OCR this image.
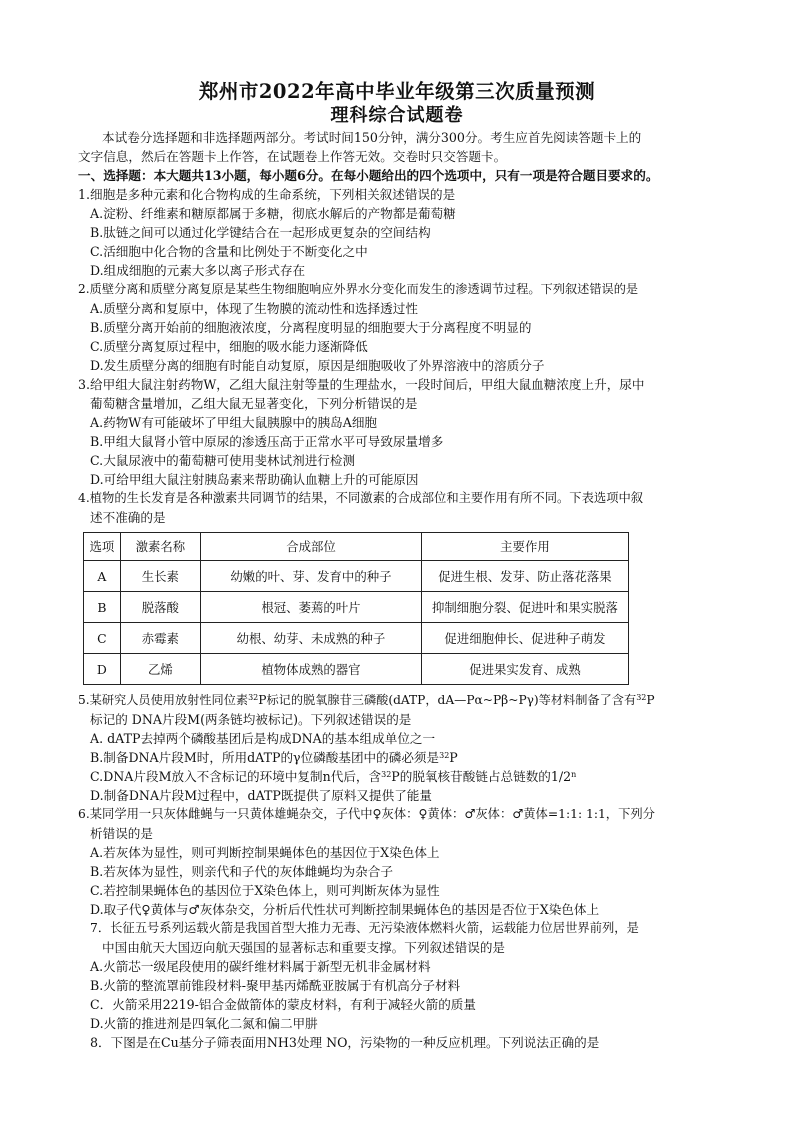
郑州市2022年高中毕业年级第三次质量预测
理科综合试题卷

本试卷分选择题和非选择题两部分。考试时间150分钟，满分300分。考生应首先阅读答题卡上的

文字信息，然后在答题卡上作答，在试题卷上作答无效。交卷时只交答题卡。

一、选择题：本大题共13小题，每小题6分。在每小题给出的四个选项中，只有一项是符合题目要求的。

1.细胞是多种元素和化合物构成的生命系统，下列相关叙述错误的是

A.淀粉、纤维素和糖原都属于多糖，彻底水解后的产物都是葡萄糖

B.肽链之间可以通过化学键结合在一起形成更复杂的空间结构

C.活细胞中化合物的含量和比例处于不断变化之中

D.组成细胞的元素大多以离子形式存在

2.质壁分离和质壁分离复原是某些生物细胞响应外界水分变化而发生的渗透调节过程。下列叙述错误的是

A.质壁分离和复原中，体现了生物膜的流动性和选择透过性

B.质壁分离开始前的细胞液浓度，分离程度明显的细胞要大于分离程度不明显的

C.质壁分离复原过程中，细胞的吸水能力逐渐降低

D.发生质壁分离的细胞有时能自动复原，原因是细胞吸收了外界溶液中的溶质分子

3.给甲组大鼠注射药物W，乙组大鼠注射等量的生理盐水，一段时间后，甲组大鼠血糖浓度上升，尿中

葡萄糖含量增加，乙组大鼠无显著变化，下列分析错误的是

A.药物W有可能破坏了甲组大鼠胰腺中的胰岛A细胞

B.甲组大鼠肾小管中原尿的渗透压高于正常水平可导致尿量增多

C.大鼠尿液中的葡萄糖可使用斐林试剂进行检测

D.可给甲组大鼠注射胰岛素来帮助确认血糖上升的可能原因

4.植物的生长发育是各种激素共同调节的结果，不同激素的合成部位和主要作用有所不同。下表选项中叙

述不准确的是

选项	激素名称	合成部位	主要作用
A	生长素	幼嫩的叶、芽、发育中的种子	促进生根、发芽、防止落花落果
B	脱落酸	根冠、萎蔫的叶片	抑制细胞分裂、促进叶和果实脱落
C	赤霉素	幼根、幼芽、未成熟的种子	促进细胞伸长、促进种子萌发
D	乙烯	植物体成熟的器官	促进果实发育、成熟

5.某研究人员使用放射性同位素$^{32}$P标记的脱氧腺苷三磷酸(dATP，dA—Pα~Pβ~Pγ)等材料制备了含有$^{32}$P

标记的 DNA片段M(两条链均被标记)。下列叙述错误的是

A. dATP去掉两个磷酸基团后是构成DNA的基本组成单位之一

B.制备DNA片段M时，所用dATP的γ位磷酸基团中的磷必须是$^{32}$P

C.DNA片段M放入不含标记的环境中复制n代后，含$^{32}$P的脱氧核苷酸链占总链数的1/2$^n$

D.制备DNA片段M过程中，dATP既提供了原料又提供了能量

6.某同学用一只灰体雌蝇与一只黄体雄蝇杂交，子代中♀灰体：♀黄体：♂灰体：♂黄体=1:1: 1:1，下列分

析错误的是

A.若灰体为显性，则可判断控制果蝇体色的基因位于X染色体上

B.若灰体为显性，则亲代和子代的灰体雌蝇均为杂合子

C.若控制果蝇体色的基因位于X染色体上，则可判断灰体为显性

D.取子代♀黄体与♂灰体杂交，分析后代性状可判断控制果蝇体色的基因是否位于X染色体上

7．长征五号系列运载火箭是我国首型大推力无毒、无污染液体燃料火箭，运载能力位居世界前列，是

中国由航天大国迈向航天强国的显著标志和重要支撑。下列叙述错误的是

A.火箭芯一级尾段使用的碳纤维材料属于新型无机非金属材料

B.火箭的整流罩前锥段材料-聚甲基丙烯酰亚胺属于有机高分子材料

C．火箭采用2219-铝合金做箭体的蒙皮材料，有利于减轻火箭的质量

D.火箭的推进剂是四氧化二氮和偏二甲肼

8．下图是在Cu基分子筛表面用NH3处理 NO，污染物的一种反应机理。下列说法正确的是
